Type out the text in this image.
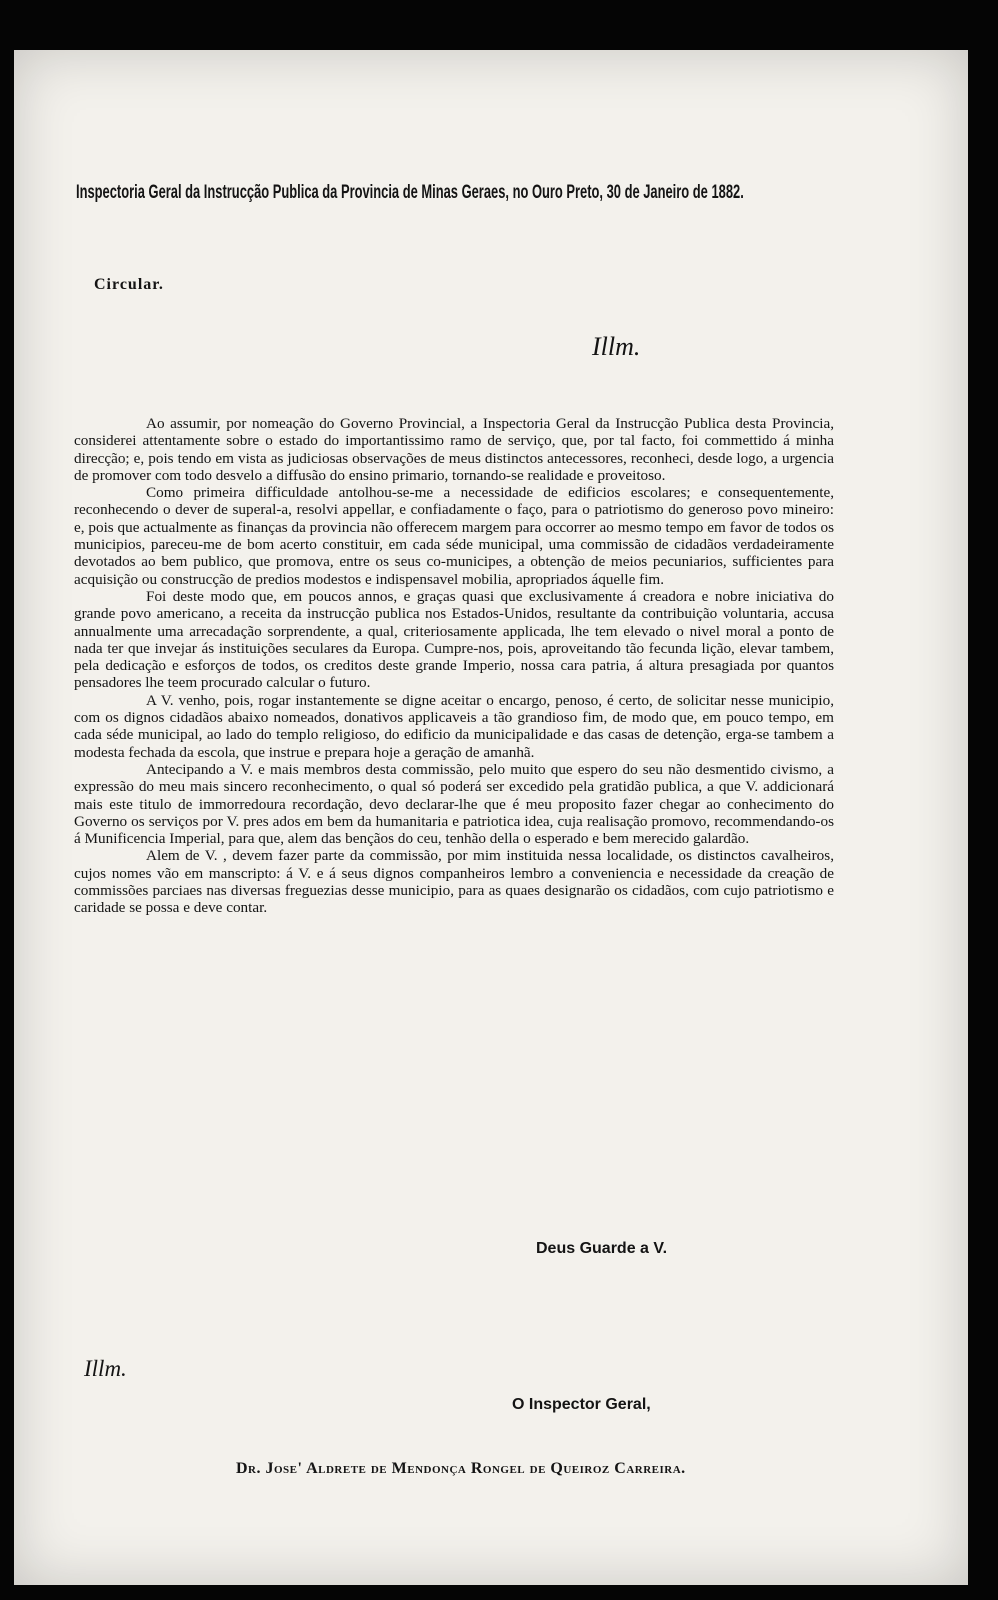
Inspectoria Geral da Instrucção Publica da Provincia de Minas Geraes, no Ouro Preto, 30 de Janeiro de 1882.
Circular.
Illm.

Ao assumir, por nomeação do Governo Provincial, a Inspectoria Geral da Instrucção Publica desta Provincia, considerei attentamente sobre o estado do importantissimo ramo de serviço, que, por tal facto, foi commettido á minha direcção; e, pois tendo em vista as judiciosas observações de meus distinctos antecessores, reconheci, desde logo, a urgencia de promover com todo desvelo a diffusão do ensino primario, tornando-se realidade e proveitoso.

Como primeira difficuldade antolhou-se-me a necessidade de edificios escolares; e consequentemente, reconhecendo o dever de superal-a, resolvi appellar, e confiadamente o faço, para o patriotismo do generoso povo mineiro: e, pois que actualmente as finanças da provincia não offerecem margem para occorrer ao mesmo tempo em favor de todos os municipios, pareceu-me de bom acerto constituir, em cada séde municipal, uma commissão de cidadãos verdadeiramente devotados ao bem publico, que promova, entre os seus co-municipes, a obtenção de meios pecuniarios, sufficientes para acquisição ou construcção de predios modestos e indispensavel mobilia, apropriados áquelle fim.

Foi deste modo que, em poucos annos, e graças quasi que exclusivamente á creadora e nobre iniciativa do grande povo americano, a receita da instrucção publica nos Estados-Unidos, resultante da contribuição voluntaria, accusa annualmente uma arrecadação sorprendente, a qual, criteriosamente applicada, lhe tem elevado o nivel moral a ponto de nada ter que invejar ás instituições seculares da Europa. Cumpre-nos, pois, aproveitando tão fecunda lição, elevar tambem, pela dedicação e esforços de todos, os creditos deste grande Imperio, nossa cara patria, á altura presagiada por quantos pensadores lhe teem procurado calcular o futuro.

A V. venho, pois, rogar instantemente se digne aceitar o encargo, penoso, é certo, de solicitar nesse municipio, com os dignos cidadãos abaixo nomeados, donativos applicaveis a tão grandioso fim, de modo que, em pouco tempo, em cada séde municipal, ao lado do templo religioso, do edificio da municipalidade e das casas de detenção, erga-se tambem a modesta fechada da escola, que instrue e prepara hoje a geração de amanhã.

Antecipando a V. e mais membros desta commissão, pelo muito que espero do seu não desmentido civismo, a expressão do meu mais sincero reconhecimento, o qual só poderá ser excedido pela gratidão publica, a que V. addicionará mais este titulo de immorredoura recordação, devo declarar-lhe que é meu proposito fazer chegar ao conhecimento do Governo os serviços por V. pres ados em bem da humanitaria e patriotica idea, cuja realisação promovo, recommendando-os á Munificencia Imperial, para que, alem das bençãos do ceu, tenhão della o esperado e bem merecido galardão.

Alem de V. , devem fazer parte da commissão, por mim instituida nessa localidade, os distinctos cavalheiros, cujos nomes vão em manscripto: á V. e á seus dignos companheiros lembro a conveniencia e necessidade da creação de commissões parciaes nas diversas freguezias desse municipio, para as quaes designarão os cidadãos, com cujo patriotismo e caridade se possa e deve contar.

Deus Guarde a V.
Illm.
O Inspector Geral,
Dr. Jose' Aldrete de Mendonça Rongel de Queiroz Carreira.
